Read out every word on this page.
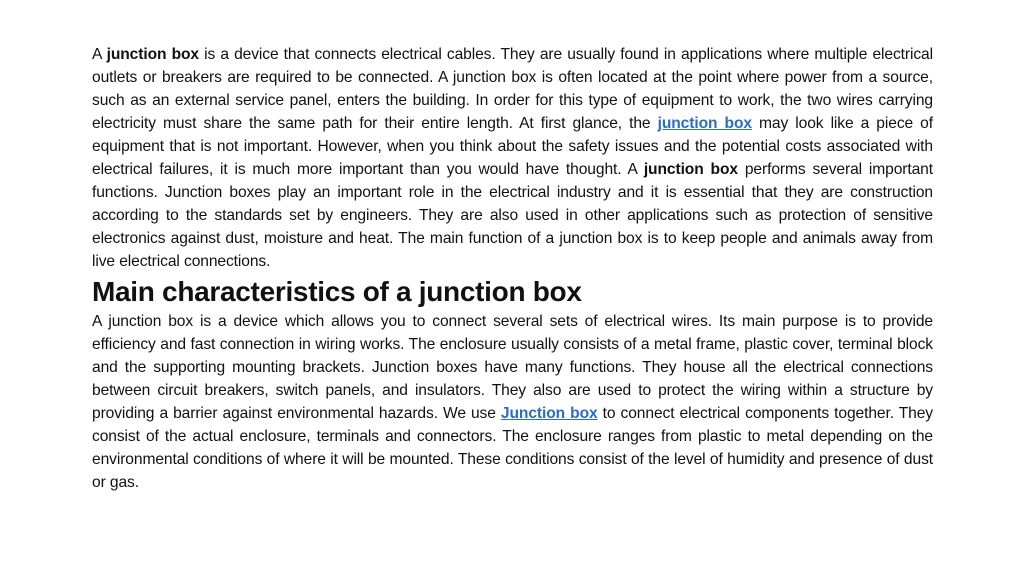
A junction box is a device that connects electrical cables. They are usually found in applications where multiple electrical outlets or breakers are required to be connected. A junction box is often located at the point where power from a source, such as an external service panel, enters the building. In order for this type of equipment to work, the two wires carrying electricity must share the same path for their entire length. At first glance, the junction box may look like a piece of equipment that is not important. However, when you think about the safety issues and the potential costs associated with electrical failures, it is much more important than you would have thought. A junction box performs several important functions. Junction boxes play an important role in the electrical industry and it is essential that they are construction according to the standards set by engineers. They are also used in other applications such as protection of sensitive electronics against dust, moisture and heat. The main function of a junction box is to keep people and animals away from live electrical connections.

Main characteristics of a junction box

A junction box is a device which allows you to connect several sets of electrical wires. Its main purpose is to provide efficiency and fast connection in wiring works. The enclosure usually consists of a metal frame, plastic cover, terminal block and the supporting mounting brackets. Junction boxes have many functions. They house all the electrical connections between circuit breakers, switch panels, and insulators. They also are used to protect the wiring within a structure by providing a barrier against environmental hazards. We use Junction box to connect electrical components together. They consist of the actual enclosure, terminals and connectors. The enclosure ranges from plastic to metal depending on the environmental conditions of where it will be mounted. These conditions consist of the level of humidity and presence of dust or gas.
